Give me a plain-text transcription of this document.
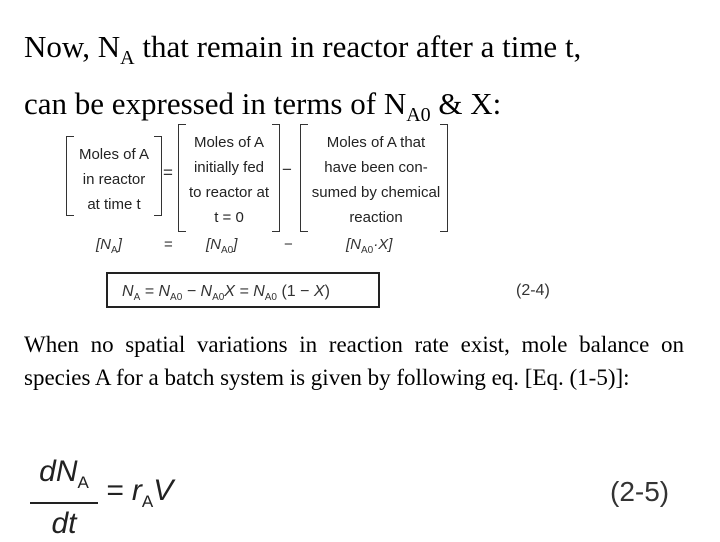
Now, $N_A$ that remain in reactor after a time t,
can be expressed in terms of $N_{A0}$ & X:
Moles of A
in reactor
at time t
=
Moles of A
initially fed
to reactor at
t = 0
−
Moles of A that
have been con-
sumed by chemical
reaction
$[N_A]$	= $[N_{A0}]$	−	$[N_{A0}\cdot X]$
$N_A = N_{A0} - N_{A0}X = N_{A0}$ (1 − X)	(2-4)
When no spatial variations in reaction rate exist, mole balance on species A for a batch system is given by following eq. [Eq. (1-5)]:
$dN_A$
dt
= $r_AV$	(2-5)
